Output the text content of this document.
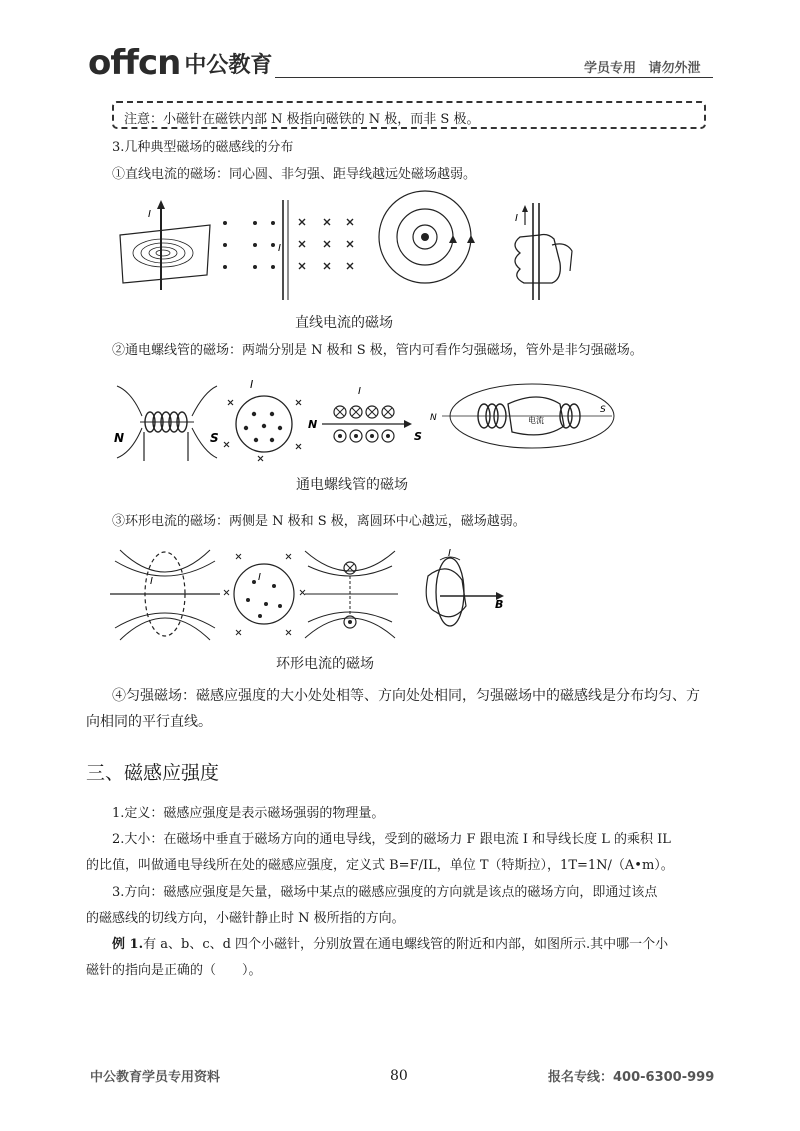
offcn 中公教育	学员专用 请勿外泄
注意：小磁针在磁铁内部 N 极指向磁铁的 N 极，而非 S 极。
3.几种典型磁场的磁感线的分布
①直线电流的磁场：同心圆、非匀强、距导线越远处磁场越弱。
I
I
I
直线电流的磁场
②通电螺线管的磁场：两端分别是 N 极和 S 极，管内可看作匀强磁场，管外是非匀强磁场。
N	S
I
N
S
I
电流
N
S
通电螺线管的磁场
③环形电流的磁场：两侧是 N 极和 S 极，离圆环中心越远，磁场越弱。
I	I
B
I
环形电流的磁场
④匀强磁场：磁感应强度的大小处处相等、方向处处相同，匀强磁场中的磁感线是分布均匀、方
向相同的平行直线。
三、磁感应强度
1.定义：磁感应强度是表示磁场强弱的物理量。
2.大小：在磁场中垂直于磁场方向的通电导线，受到的磁场力 F 跟电流 I 和导线长度 L 的乘积 IL
的比值，叫做通电导线所在处的磁感应强度，定义式 B=F/IL，单位 T（特斯拉），1T=1N/（A•m）。
3.方向：磁感应强度是矢量，磁场中某点的磁感应强度的方向就是该点的磁场方向，即通过该点
的磁感线的切线方向，小磁针静止时 N 极所指的方向。
例 1.有 a、b、c、d 四个小磁针，分别放置在通电螺线管的附近和内部，如图所示.其中哪一个小
磁针的指向是正确的（　　）。
中公教育学员专用资料	80	报名专线：400-6300-999
